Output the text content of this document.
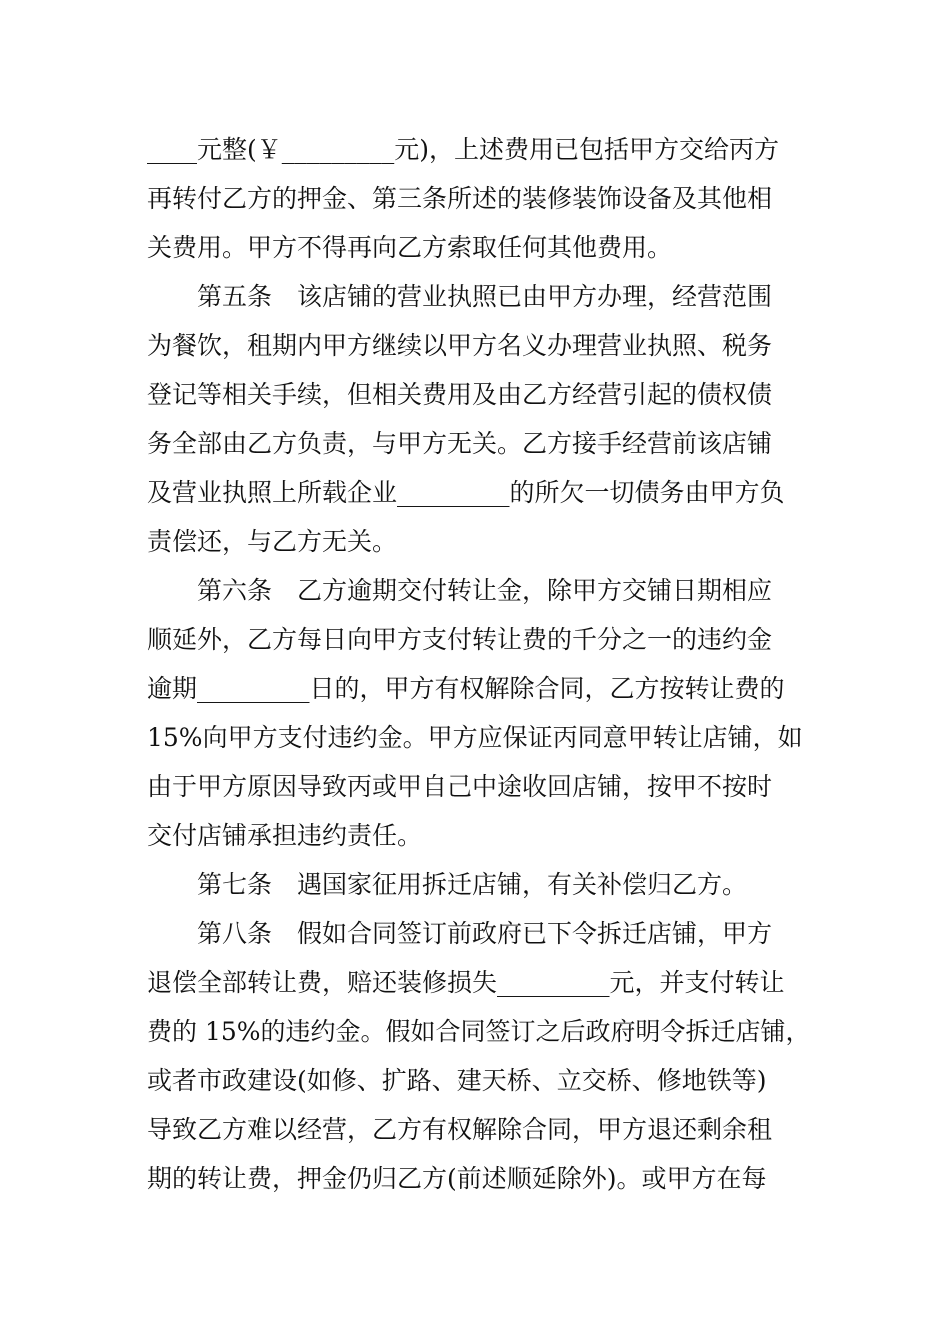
____元整(￥_________元)，上述费用已包括甲方交给丙方
再转付乙方的押金、第三条所述的装修装饰设备及其他相
关费用。甲方不得再向乙方索取任何其他费用。
第五条　该店铺的营业执照已由甲方办理，经营范围
为餐饮，租期内甲方继续以甲方名义办理营业执照、税务
登记等相关手续，但相关费用及由乙方经营引起的债权债
务全部由乙方负责，与甲方无关。乙方接手经营前该店铺
及营业执照上所载企业_________的所欠一切债务由甲方负
责偿还，与乙方无关。
第六条　乙方逾期交付转让金，除甲方交铺日期相应
顺延外，乙方每日向甲方支付转让费的千分之一的违约金
逾期_________日的，甲方有权解除合同，乙方按转让费的
15%向甲方支付违约金。甲方应保证丙同意甲转让店铺，如
由于甲方原因导致丙或甲自己中途收回店铺，按甲不按时
交付店铺承担违约责任。
第七条　遇国家征用拆迁店铺，有关补偿归乙方。
第八条　假如合同签订前政府已下令拆迁店铺，甲方
退偿全部转让费，赔还装修损失_________元，并支付转让
费的 15%的违约金。假如合同签订之后政府明令拆迁店铺，
或者市政建设(如修、扩路、建天桥、立交桥、修地铁等)
导致乙方难以经营，乙方有权解除合同，甲方退还剩余租
期的转让费，押金仍归乙方(前述顺延除外)。或甲方在每
